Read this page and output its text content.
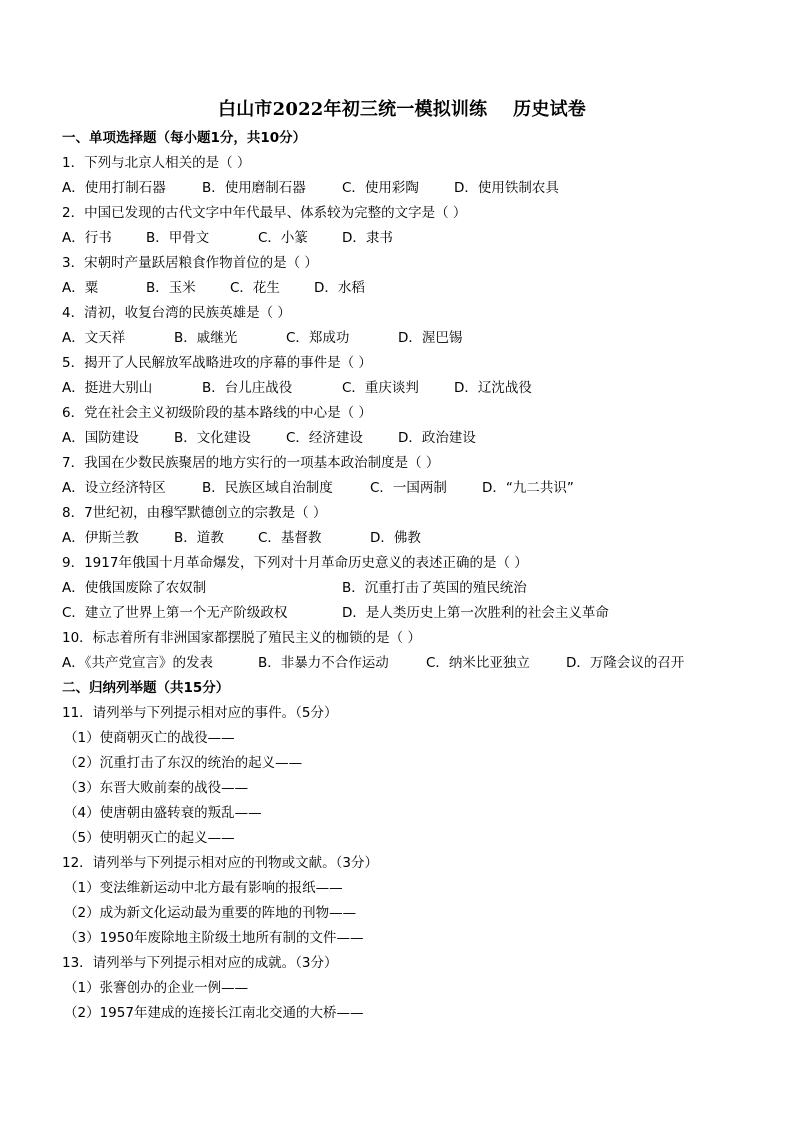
白山市2022年初三统一模拟训练    历史试卷
一、单项选择题（每小题1分，共10分）
1．下列与北京人相关的是（ ）
A．使用打制石器	B．使用磨制石器	C．使用彩陶	D．使用铁制农具
2．中国已发现的古代文字中年代最早、体系较为完整的文字是（ ）
A．行书	B．甲骨文	C．小篆	D．隶书
3．宋朝时产量跃居粮食作物首位的是（ ）
A．粟	B．玉米	C．花生	D．水稻
4．清初，收复台湾的民族英雄是（ ）
A．文天祥	B．戚继光	C．郑成功	D．渥巴锡
5．揭开了人民解放军战略进攻的序幕的事件是（ ）
A．挺进大别山	B．台儿庄战役	C．重庆谈判	D．辽沈战役
6．党在社会主义初级阶段的基本路线的中心是（ ）
A．国防建设	B．文化建设	C．经济建设	D．政治建设
7．我国在少数民族聚居的地方实行的一项基本政治制度是（ ）
A．设立经济特区	B．民族区域自治制度	C．一国两制	D．“九二共识”
8．7世纪初，由穆罕默德创立的宗教是（ ）
A．伊斯兰教	B．道教	C．基督教	D．佛教
9．1917年俄国十月革命爆发，下列对十月革命历史意义的表述正确的是（ ）
A．使俄国废除了农奴制	B．沉重打击了英国的殖民统治
C．建立了世界上第一个无产阶级政权	D．是人类历史上第一次胜利的社会主义革命
10．标志着所有非洲国家都摆脱了殖民主义的枷锁的是（ ）
A．《共产党宣言》的发表	B．非暴力不合作运动	C．纳米比亚独立	D．万隆会议的召开
二、归纳列举题（共15分）
11．请列举与下列提示相对应的事件。（5分）
（1）使商朝灭亡的战役——
（2）沉重打击了东汉的统治的起义——
（3）东晋大败前秦的战役——
（4）使唐朝由盛转衰的叛乱——
（5）使明朝灭亡的起义——
12．请列举与下列提示相对应的刊物或文献。（3分）
（1）变法维新运动中北方最有影响的报纸——
（2）成为新文化运动最为重要的阵地的刊物——
（3）1950年废除地主阶级土地所有制的文件——
13．请列举与下列提示相对应的成就。（3分）
（1）张謇创办的企业一例——
（2）1957年建成的连接长江南北交通的大桥——
